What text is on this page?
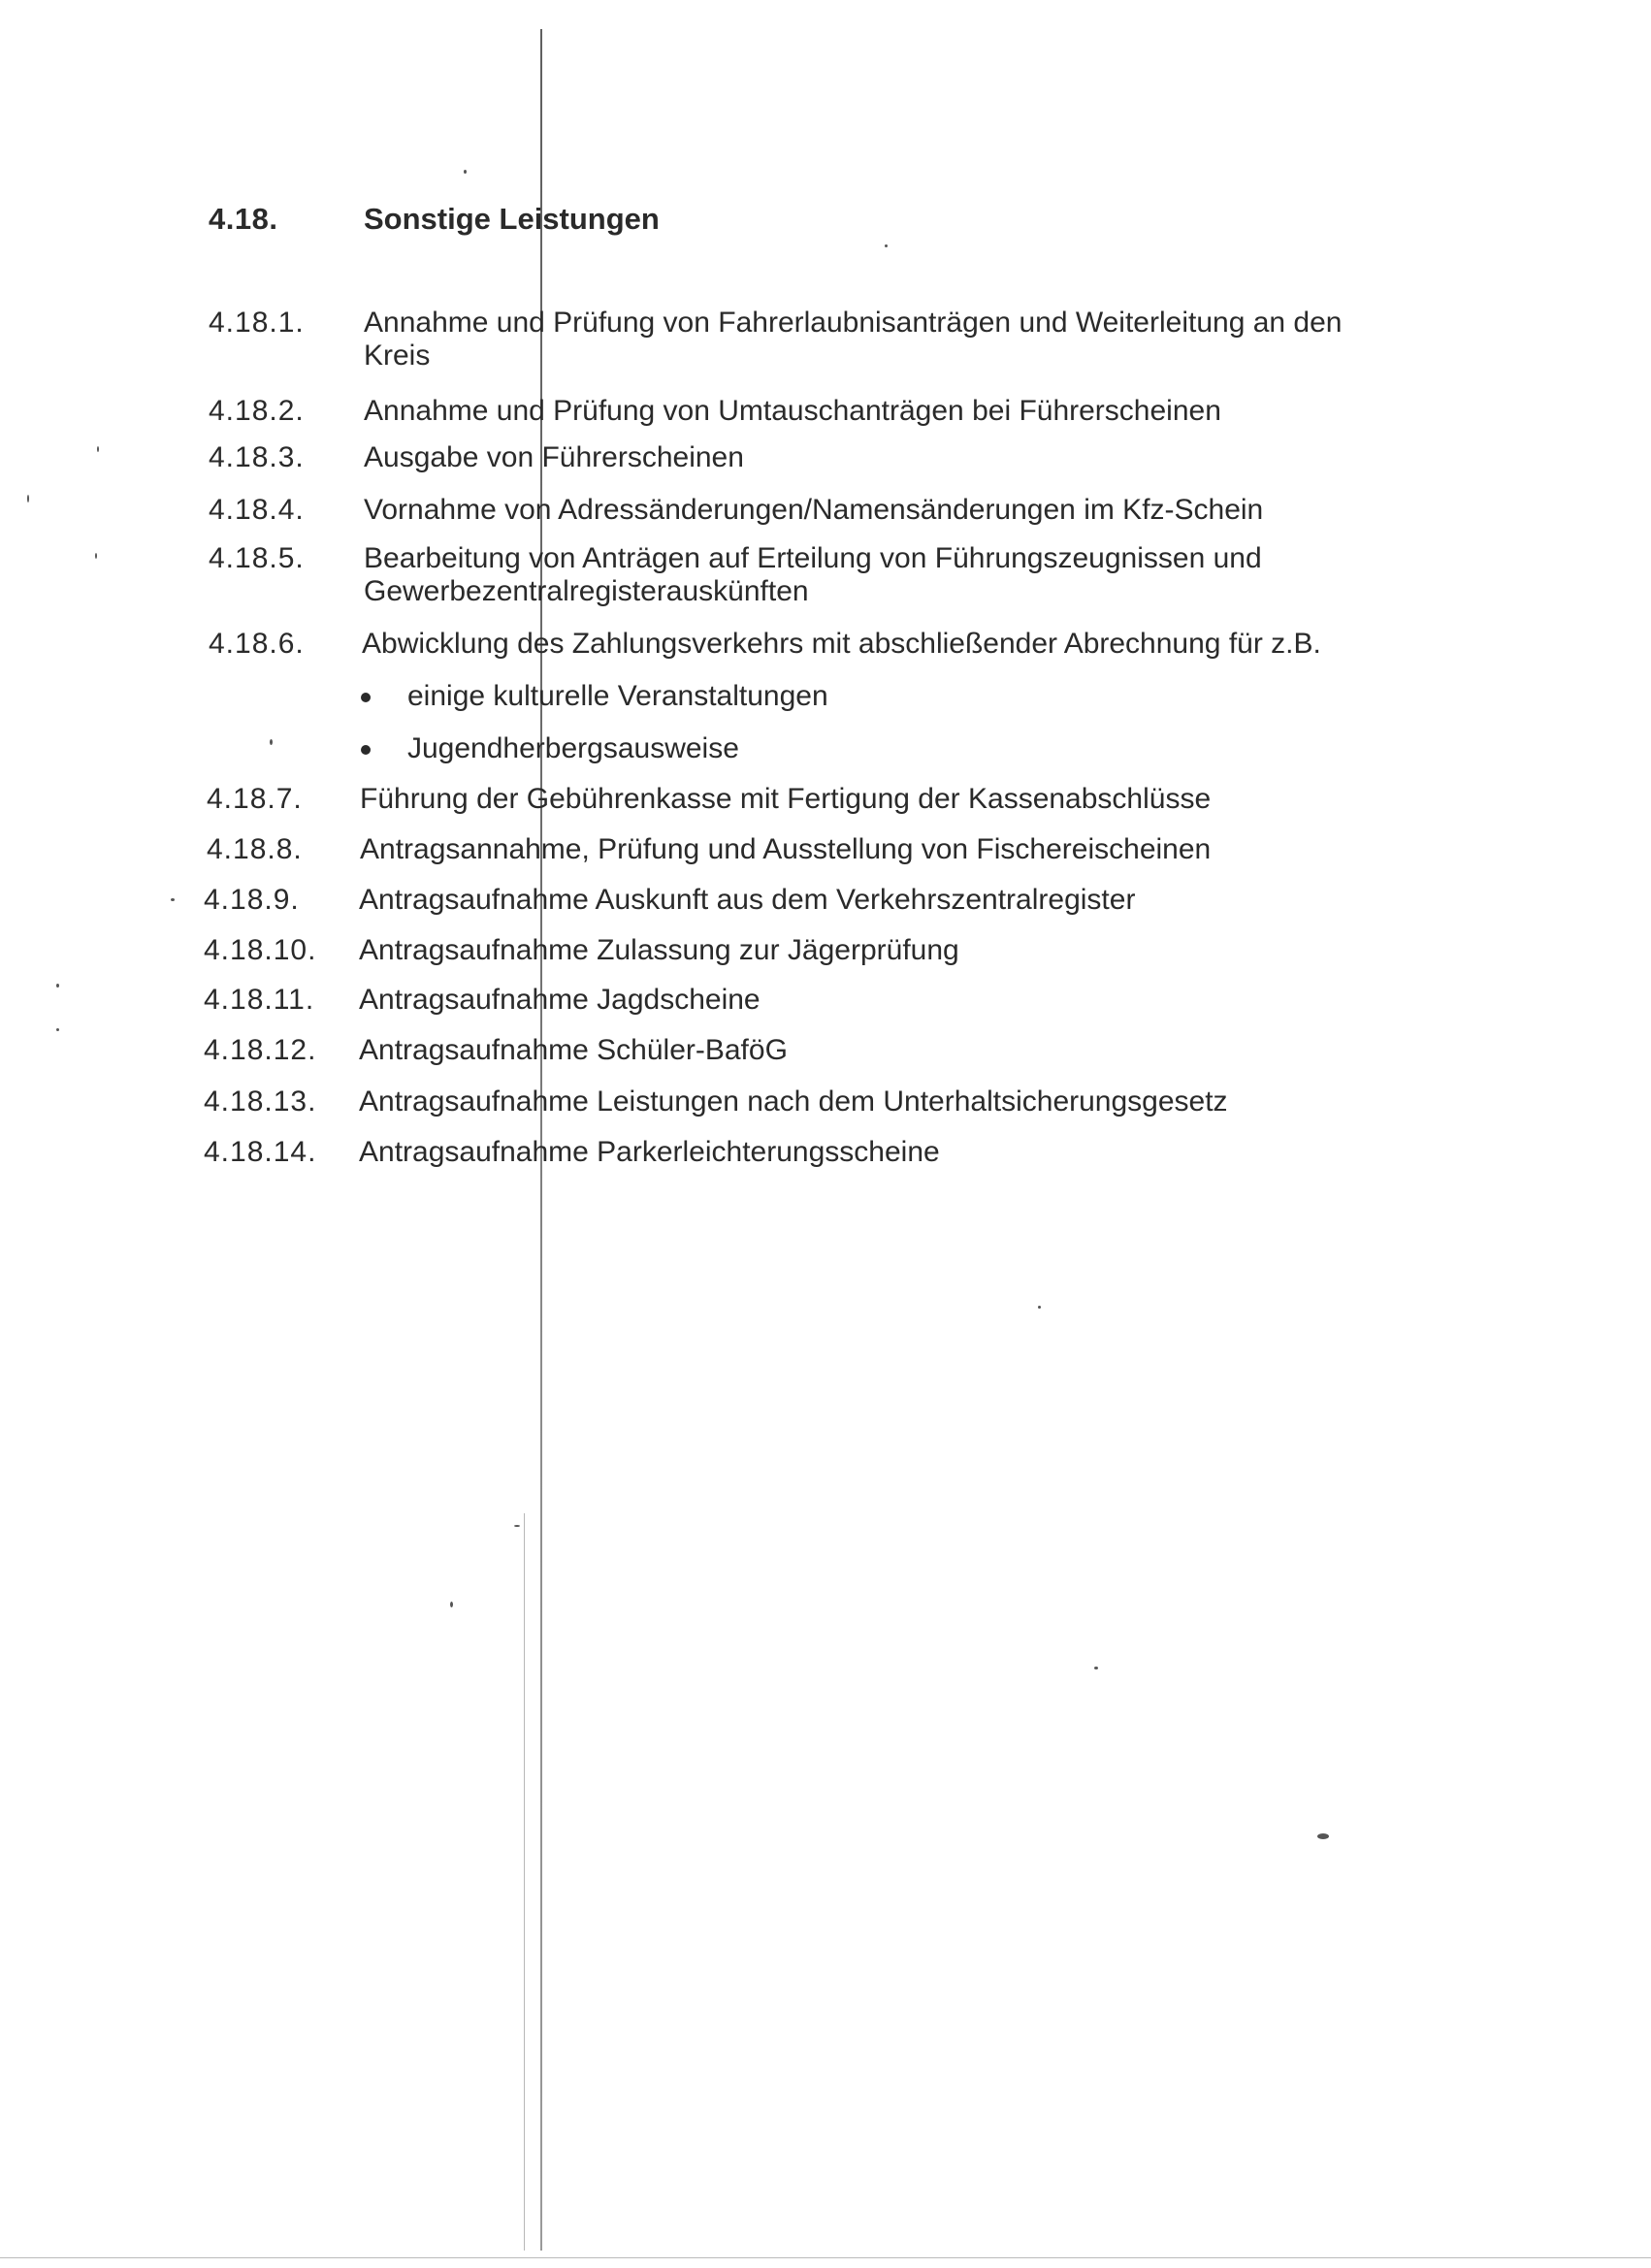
4.18.	Sonstige Leistungen
4.18.1. Annahme und Prüfung von Fahrerlaubnisanträgen und Weiterleitung an den
Kreis
4.18.2. Annahme und Prüfung von Umtauschanträgen bei Führerscheinen
4.18.3. Ausgabe von Führerscheinen
4.18.4. Vornahme von Adressänderungen/Namensänderungen im Kfz-Schein
4.18.5. Bearbeitung von Anträgen auf Erteilung von Führungszeugnissen und
Gewerbezentralregisterauskünften
4.18.6. Abwicklung des Zahlungsverkehrs mit abschließender Abrechnung für z.B.
einige kulturelle Veranstaltungen
Jugendherbergsausweise
4.18.7. Führung der Gebührenkasse mit Fertigung der Kassenabschlüsse
4.18.8. Antragsannahme, Prüfung und Ausstellung von Fischereischeinen
4.18.9. Antragsaufnahme Auskunft aus dem Verkehrszentralregister
4.18.10. Antragsaufnahme Zulassung zur Jägerprüfung
4.18.11. Antragsaufnahme Jagdscheine
4.18.12. Antragsaufnahme Schüler-BaföG
4.18.13. Antragsaufnahme Leistungen nach dem Unterhaltsicherungsgesetz
4.18.14. Antragsaufnahme Parkerleichterungsscheine
